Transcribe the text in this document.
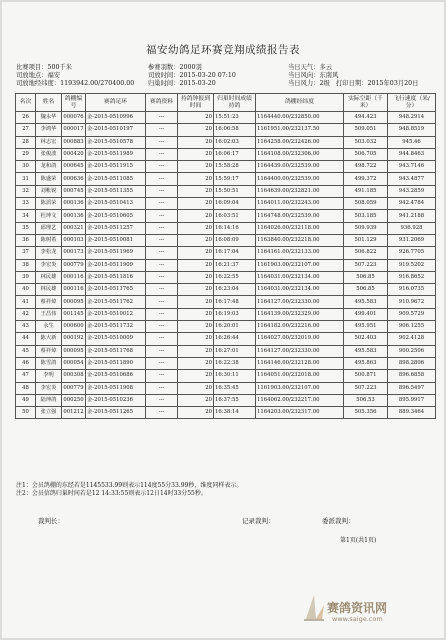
福安幼鸽足环赛竞翔成绩报告表
比赛项目：500千米	参赛羽数：2000羽	当日天气：多云
司放地点：福安	司放时间：2015-03-20 07:10	当日风向：东南风
司放地经纬度：1193942.00/270400.00 归巢时间：2015-03-20	当日风力：2级 打印日期：2015年03月20日
名次	姓名	鸽棚编号	赛鸽足环	赛鸽资料	持鸽钟报到时间	归巢时间成绩持鸽	鸽棚经纬度	实际空距（千米）	飞行速度（米/分）
26	魏永华	000076	金-2015-0510996	---	20	15:51:23	1164440.00/232850.00	494.423	948.2914
27	李鸿华	000017	金-2015-0510197	---	20	16:06:58	1161951.00/232137.50	509.051	948.8519
28	林志宏	000883	金-2015-0510578	---	20	16:02:03	1164258.00/232426.00	503.032	945.46
29	张俊波	000420	金-2015-0511989	---	20	16:06:17	1164108.00/232306.00	506.705	944.8463
30	龙和鸽	000645	金-2015-0511915	---	20	15:58:28	1164439.00/232539.00	498.722	943.7146
31	陈盛荣	000636	金-2015-0511085	---	20	15:59:17	1164400.00/232539.00	499.372	943.4877
32	刘帐锐	000745	金-2015-0511355	---	20	15:50:51	1164639.00/232821.00	491.185	943.2859
33	陈滔荣	000136	金-2015-0510413	---	20	16:09:04	1164011.00/232243.00	508.059	942.4784
34	杜坤文	000136	金-2015-0510605	---	20	16:03:51	1164748.00/232539.00	503.185	941.2188
35	邱理艺	000321	金-2015-0511257	---	20	16:14:16	1164026.00/232118.00	509.939	936.928
36	陈树希	000103	金-2015-0510081	---	20	16:08:09	1163840.00/232218.00	501.129	931.2069
37	李松龙	000173	金-2015-0511969	---	20	16:17:04	1164161.00/232133.00	506.822	926.7705
38	李宏炎	000779	金-2015-0511909	---	20	16:21:37	1161903.00/232107.00	507.223	919.5202
39	林民雄	000116	金-2015-0511816	---	20	16:22:55	1164031.00/232134.00	506.85	916.8652
40	林民雄	000116	金-2015-0511765	---	20	16:23:04	1164031.00/232134.00	506.85	916.0735
41	蔡祥焯	000095	金-2015-0511762	---	20	16:17:48	1164127.00/232330.00	495.583	910.9672
42	王昌伟	001145	金-2015-0510012	---	20	16:19:03	1164139.00/232329.00	499.401	909.5729
43	永生	000600	金-2015-0511732	---	20	16:20:01	1164182.00/232216.00	495.951	906.1255
44	陈大新	000192	金-2015-0510009	---	20	16:26:44	1164027.00/232019.00	502.403	902.4128
45	蔡祥焯	000095	金-2015-0511768	---	20	16:27:01	1164127.00/232330.00	495.583	900.2506
46	陈雪鸽	000054	金-2015-0511890	---	20	16:22:38	1164146.00/232128.00	495.863	898.2806
47	李明	000308	金-2015-0510686	---	20	16:30:11	1164051.00/232018.00	500.871	896.6858
48	李宏炎	000779	金-2015-0511908	---	20	16:35:45	1161903.00/232107.00	507.223	896.5497
49	陆坤鸽	000250	金-2015-0510236	---	20	16:37:55	1164062.00/232217.00	506.53	895.9917
50	张立强	001212	金-2015-0511265	---	20	16:38:14	1164203.00/232317.00	505.356	889.3464
注1：会员鸽棚的东经若是1145533.99则表示114度55分33.99秒，维度同样表示。
注2：会员信鸽归巢时间若是12 14:33:55则表示12日14时33分55秒。
裁判长：	记录裁判：	委派裁判：
第1页(共1页)
赛鸽资讯网
www.saige.com
